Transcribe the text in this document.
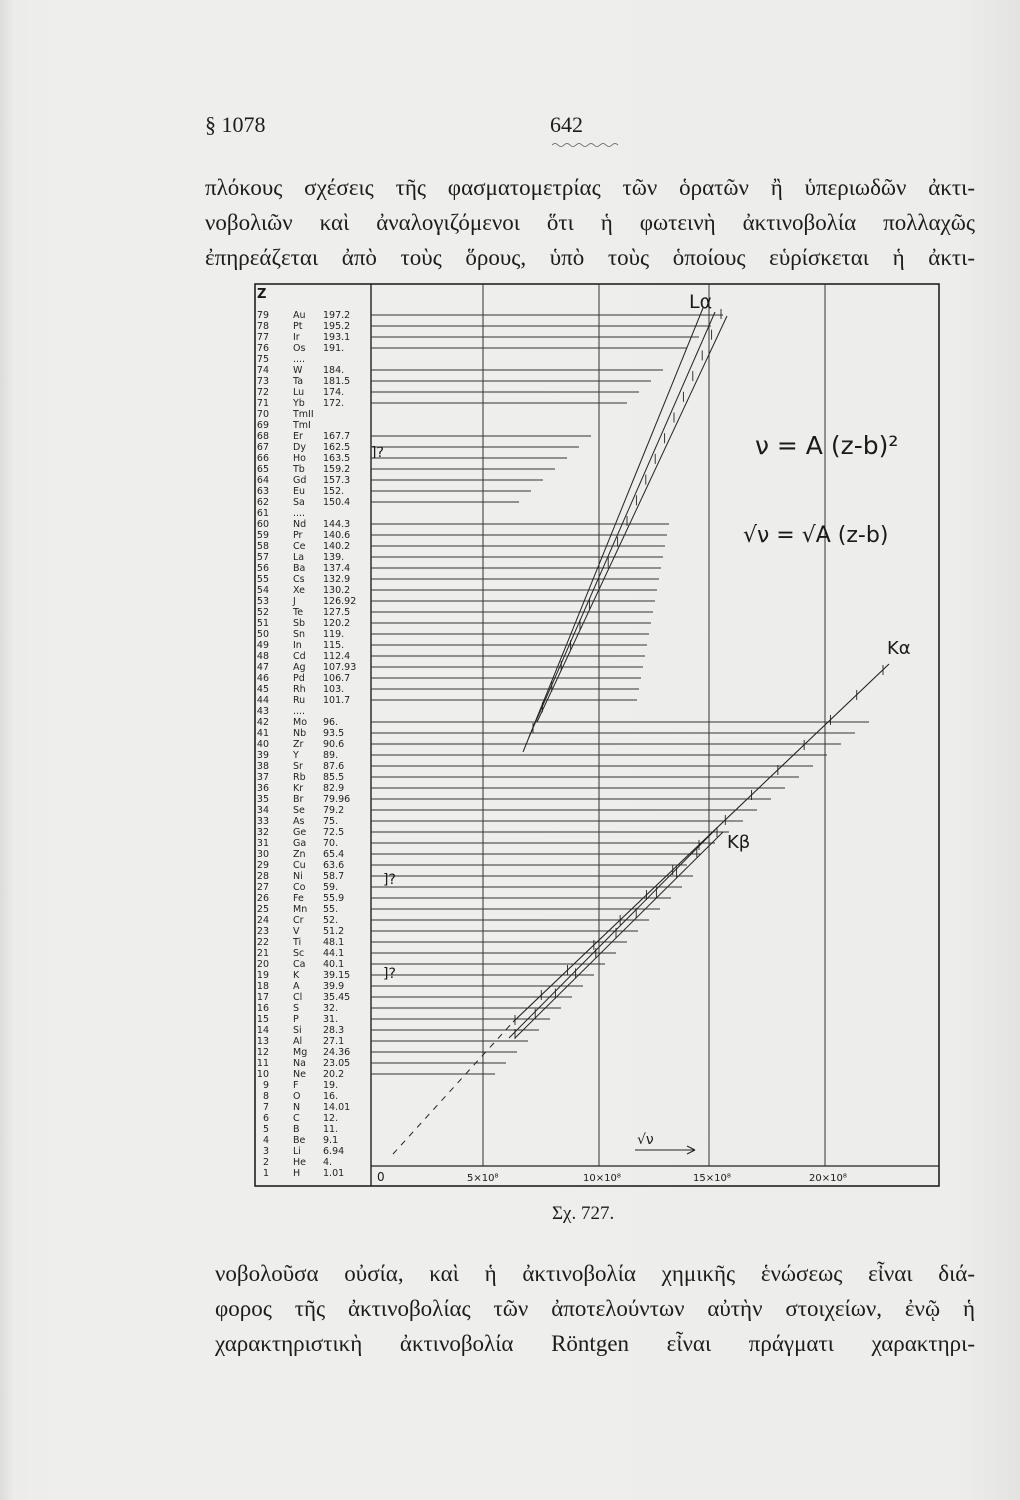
§ 1078	642
πλόκους σχέσεις τῆς φασματομετρίας τῶν ὁρατῶν ἢ ὑπεριωδῶν ἀκτι-
νοβολιῶν καὶ ἀναλογιζόμενοι ὅτι ἡ φωτεινὴ ἀκτινοβολία πολλαχῶς
ἐπηρεάζεται ἀπὸ τοὺς ὅρους, ὑπὸ τοὺς ὁποίους εὑρίσκεται ἡ ἀκτι-
Z
79	Au 197.2
78	Pt 195.2
77	Ir 193.1
76	Os 191.
75	....
74	W 184.
73	Ta 181.5
72	Lu 174.
71	Yb 172.
70	TmII
69	TmI
68	Er 167.7
67	Dy 162.5
66	Ho 163.5
65	Tb 159.2
64	Gd 157.3
63	Eu 152.
62	Sa 150.4
61	....
60	Nd 144.3
59	Pr 140.6
58	Ce 140.2
57	La 139.
56	Ba 137.4
55	Cs 132.9
54	Xe 130.2
53	J	126.92
52	Te 127.5
51	Sb 120.2
50	Sn 119.
49	In 115.
48	Cd 112.4
47	Ag 107.93
46	Pd 106.7
45	Rh 103.
44	Ru 101.7
43	....
42	Mo 96.
41	Nb 93.5
40	Zr 90.6
39	Y	89.
38	Sr 87.6
37	Rb 85.5
36	Kr 82.9
35	Br 79.96
34	Se 79.2
33	As 75.
32	Ge 72.5
31	Ga 70.
30	Zn 65.4
29	Cu 63.6
28	Ni 58.7
27	Co 59.
26	Fe 55.9
25	Mn 55.
24	Cr 52.
23	V 51.2
22	Ti 48.1
21	Sc 44.1
20	Ca 40.1
19	K	39.15
18	A 39.9
17	Cl 35.45
16	S	32.
15	P	31.
14	Si 28.3
13	Al 27.1
12	Mg 24.36
11	Na 23.05
10	Ne 20.2
9	F	19.
8	O 16.
7	N 14.01
6	C 12.
5	B 11.
4	Be 9.1
3	Li 6.94
2	He 4.
1	H 1.01
]?
]?
]?
Lα
Kα
Kβ
ν = A (z-b)²
√ν = √A (z-b)
√ν
0	5×10⁸	10×10⁸	15×10⁸	20×10⁸
Σχ. 727.
νοβολοῦσα οὐσία, καὶ ἡ ἀκτινοβολία χημικῆς ἑνώσεως εἶναι διά-
φορος τῆς ἀκτινοβολίας τῶν ἀποτελούντων αὐτὴν στοιχείων, ἐνῷ ἡ
χαρακτηριστικὴ ἀκτινοβολία Röntgen εἶναι πράγματι χαρακτηρι-
